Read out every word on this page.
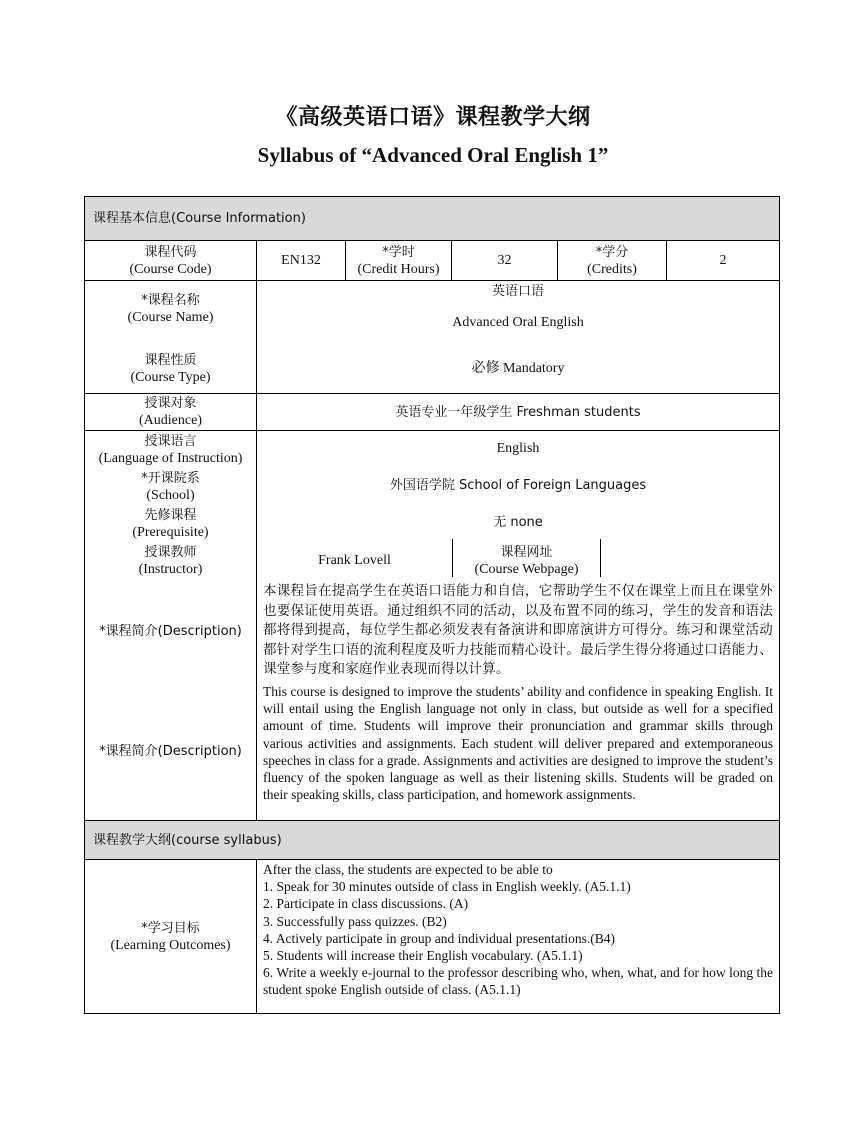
《高级英语口语》课程教学大纲
Syllabus of “Advanced Oral English 1”
课程基本信息(Course Information)
课程代码
(Course Code)
EN132
*学时
(Credit Hours)
32
*学分
(Credits)
2
*课程名称
(Course Name)
英语口语
Advanced Oral English
课程性质
(Course Type)
必修 Mandatory
授课对象
(Audience)
英语专业一年级学生 Freshman students
授课语言
(Language of Instruction)
English
*开课院系
(School)
外国语学院 School of Foreign Languages
先修课程
(Prerequisite)
无 none
授课教师
(Instructor)
Frank Lovell
课程网址
(Course Webpage)
*课程简介(Description)
本课程旨在提高学生在英语口语能力和自信，它帮助学生不仅在课堂上而且在课堂外也要保证使用英语。通过组织不同的活动，以及布置不同的练习，学生的发音和语法都将得到提高，每位学生都必须发表有备演讲和即席演讲方可得分。练习和课堂活动都针对学生口语的流利程度及听力技能而精心设计。最后学生得分将通过口语能力、课堂参与度和家庭作业表现而得以计算。
*课程简介(Description)
This course is designed to improve the students’ ability and confidence in speaking English. It will entail using the English language not only in class, but outside as well for a specified amount of time. Students will improve their pronunciation and grammar skills through various activities and assignments. Each student will deliver prepared and extemporaneous speeches in class for a grade. Assignments and activities are designed to improve the student’s fluency of the spoken language as well as their listening skills. Students will be graded on their speaking skills, class participation, and homework assignments.
课程教学大纲(course syllabus)
*学习目标
(Learning Outcomes)
After the class, the students are expected to be able to
1. Speak for 30 minutes outside of class in English weekly. (A5.1.1)
2. Participate in class discussions. (A)
3. Successfully pass quizzes. (B2)
4. Actively participate in group and individual presentations.(B4)
5. Students will increase their English vocabulary. (A5.1.1)
6. Write a weekly e-journal to the professor describing who, when, what, and for how long the student spoke English outside of class. (A5.1.1)
